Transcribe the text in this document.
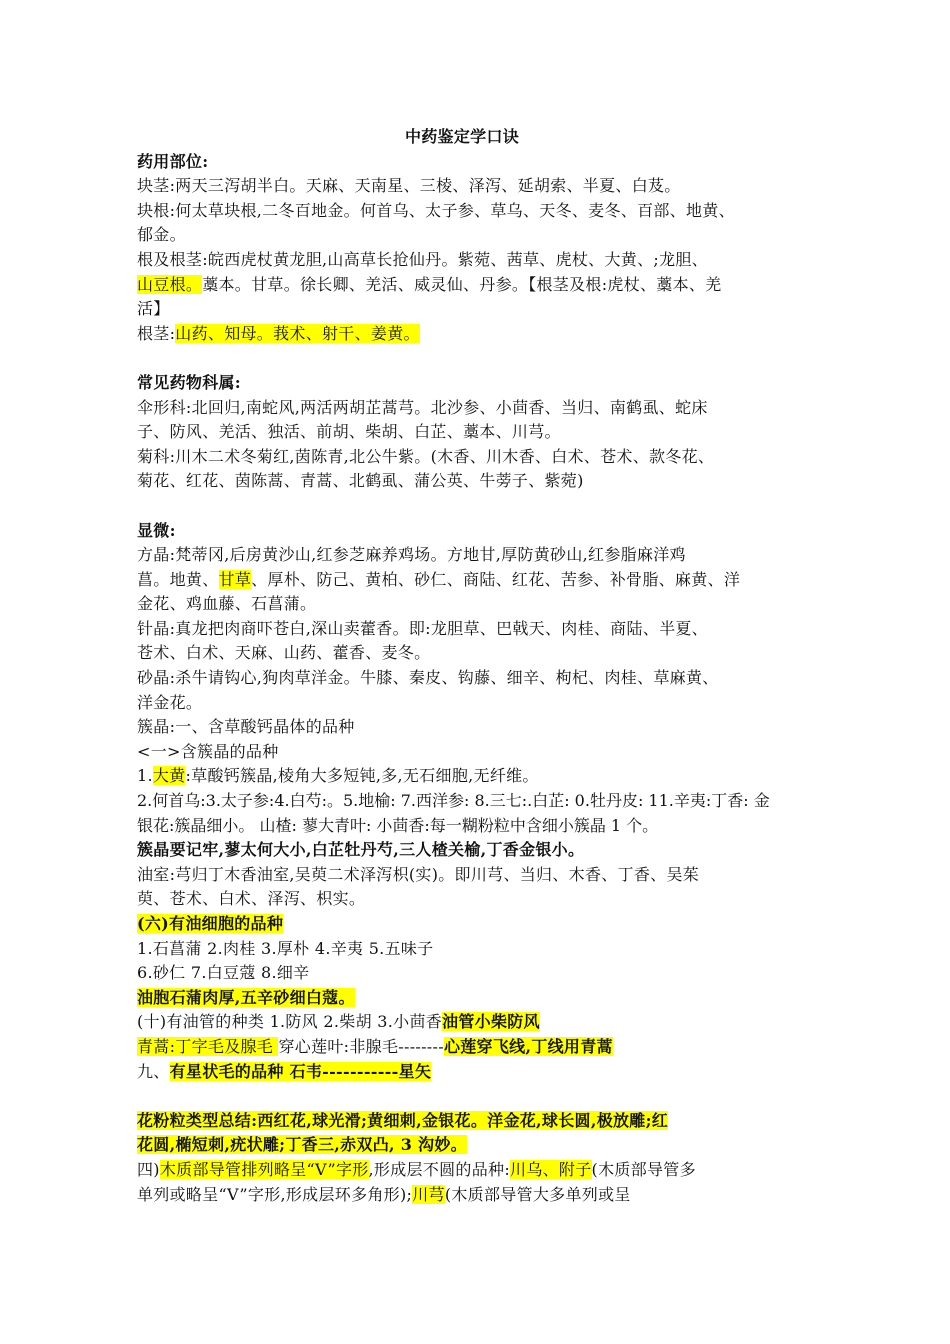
中药鉴定学口诀

药用部位:

块茎:两天三泻胡半白。天麻、天南星、三棱、泽泻、延胡索、半夏、白芨。

块根:何太草块根,二冬百地金。何首乌、太子参、草乌、天冬、麦冬、百部、地黄、

郁金。

根及根茎:皖西虎杖黄龙胆,山高草长抢仙丹。紫菀、茜草、虎杖、大黄、;龙胆、

山豆根。藁本。甘草。徐长卿、羌活、威灵仙、丹参。【根茎及根:虎杖、藁本、羌

活】

根茎:山药、知母。莪术、射干、姜黄。

常见药物科属:

伞形科:北回归,南蛇风,两活两胡芷蒿芎。北沙参、小茴香、当归、南鹤虱、蛇床

子、防风、羌活、独活、前胡、柴胡、白芷、藁本、川芎。

菊科:川木二术冬菊红,茵陈青,北公牛紫。(木香、川木香、白术、苍术、款冬花、

菊花、红花、茵陈蒿、青蒿、北鹤虱、蒲公英、牛蒡子、紫菀)

显微:

方晶:梵蒂冈,后房黄沙山,红参芝麻养鸡场。方地甘,厚防黄砂山,红参脂麻洋鸡

菖。地黄、甘草、厚朴、防己、黄柏、砂仁、商陆、红花、苦参、补骨脂、麻黄、洋

金花、鸡血藤、石菖蒲。

针晶:真龙把肉商吓苍白,深山卖藿香。即:龙胆草、巴戟天、肉桂、商陆、半夏、

苍术、白术、天麻、山药、藿香、麦冬。

砂晶:杀牛请钩心,狗肉草洋金。牛膝、秦皮、钩藤、细辛、枸杞、肉桂、草麻黄、

洋金花。

簇晶:一、含草酸钙晶体的品种

<一>含簇晶的品种

1.大黄:草酸钙簇晶,棱角大多短钝,多,无石细胞,无纤维。

2.何首乌:3.太子参:4.白芍:。5.地榆: 7.西洋参: 8.三七:.白芷: 0.牡丹皮: 11.辛夷:丁香: 金

银花:簇晶细小。 山楂: 蓼大青叶: 小茴香:每一糊粉粒中含细小簇晶 1 个。

簇晶要记牢,蓼太何大小,白芷牡丹芍,三人楂关榆,丁香金银小。

油室:芎归丁木香油室,吴萸二术泽泻枳(实)。即川芎、当归、木香、丁香、吴茱

萸、苍术、白术、泽泻、枳实。

(六)有油细胞的品种

1.石菖蒲 2.肉桂 3.厚朴 4.辛夷 5.五味子

6.砂仁 7.白豆蔻 8.细辛

油胞石蒲肉厚,五辛砂细白蔻。

(十)有油管的种类 1.防风 2.柴胡 3.小茴香油管小柴防风

青蒿:丁字毛及腺毛 穿心莲叶:非腺毛--------心莲穿飞线,丁线用青蒿

九、有星状毛的品种 石韦-----------星矢

花粉粒类型总结:西红花,球光滑;黄细刺,金银花。洋金花,球长圆,极放雕;红

花圆,椭短刺,疣状雕;丁香三,赤双凸, 3 沟妙。

四)木质部导管排列略呈“V”字形,形成层不圆的品种:川乌、附子(木质部导管多

单列或略呈“V”字形,形成层环多角形);川芎(木质部导管大多单列或呈
